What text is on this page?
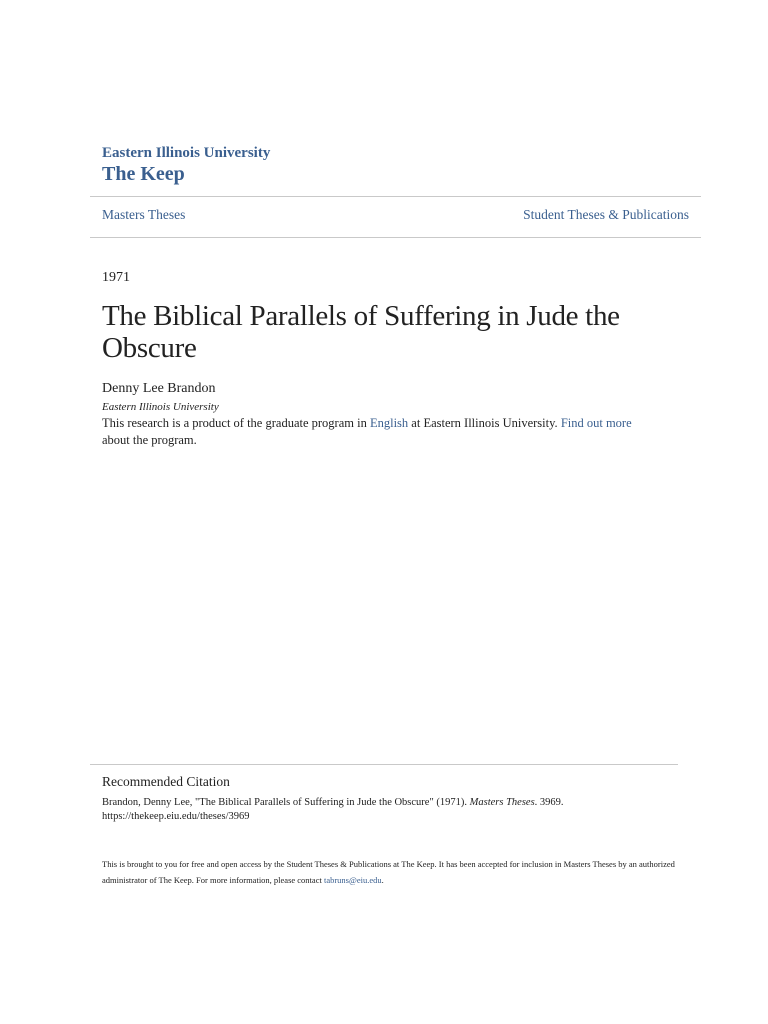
Eastern Illinois University
The Keep
Masters Theses	Student Theses & Publications
1971
The Biblical Parallels of Suffering in Jude the Obscure
Denny Lee Brandon
Eastern Illinois University
This research is a product of the graduate program in English at Eastern Illinois University. Find out more about the program.
Recommended Citation
Brandon, Denny Lee, "The Biblical Parallels of Suffering in Jude the Obscure" (1971). Masters Theses. 3969.
https://thekeep.eiu.edu/theses/3969
This is brought to you for free and open access by the Student Theses & Publications at The Keep. It has been accepted for inclusion in Masters Theses by an authorized administrator of The Keep. For more information, please contact tabruns@eiu.edu.
